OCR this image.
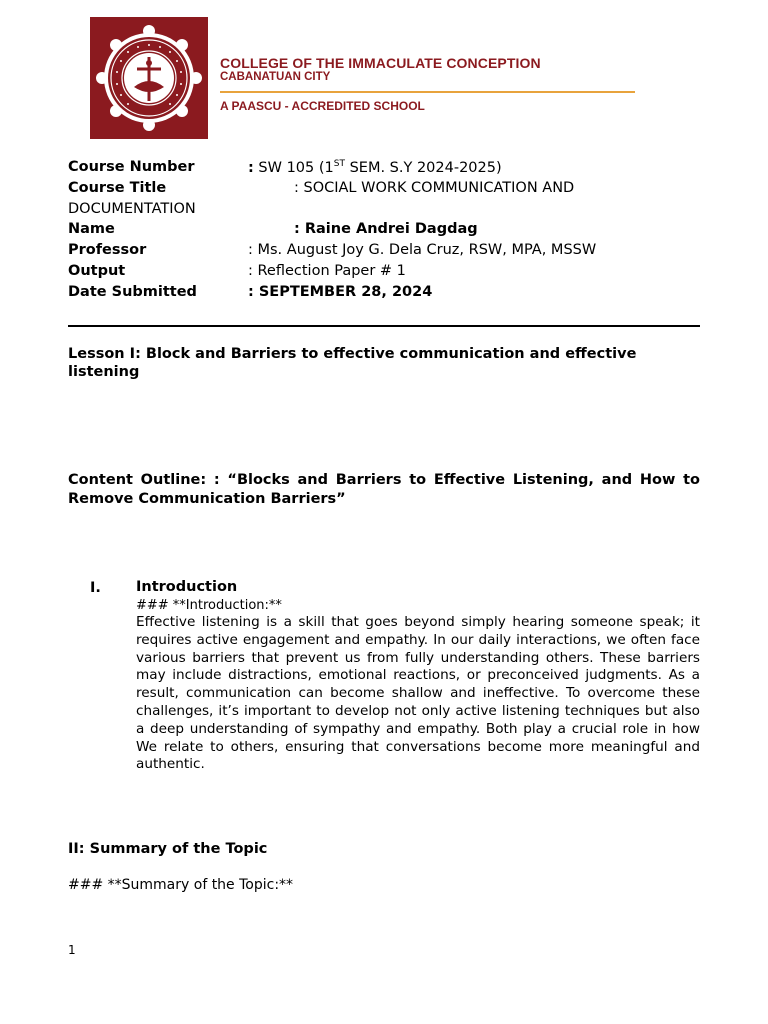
COLLEGE OF THE IMMACULATE CONCEPTION
CABANATUAN CITY
A PAASCU - ACCREDITED SCHOOL
Course Number	: SW 105 (1ST SEM. S.Y 2024-2025)
Course Title	: SOCIAL WORK COMMUNICATION AND
DOCUMENTATION
Name	: Raine Andrei Dagdag
Professor	: Ms. August Joy G. Dela Cruz, RSW, MPA, MSSW
Output	: Reflection Paper # 1
Date Submitted	: SEPTEMBER 28, 2024
Lesson I: Block and Barriers to effective communication and effective listening
Content Outline: : “Blocks and Barriers to Effective Listening, and How to Remove Communication Barriers”
I. Introduction
### **Introduction:**
Effective listening is a skill that goes beyond simply hearing someone speak; it requires active engagement and empathy. In our daily interactions, we often face various barriers that prevent us from fully understanding others. These barriers may include distractions, emotional reactions, or preconceived judgments. As a result, communication can become shallow and ineffective. To overcome these challenges, it’s important to develop not only active listening techniques but also a deep understanding of sympathy and empathy. Both play a crucial role in how We relate to others, ensuring that conversations become more meaningful and authentic.
II: Summary of the Topic
### **Summary of the Topic:**
1
